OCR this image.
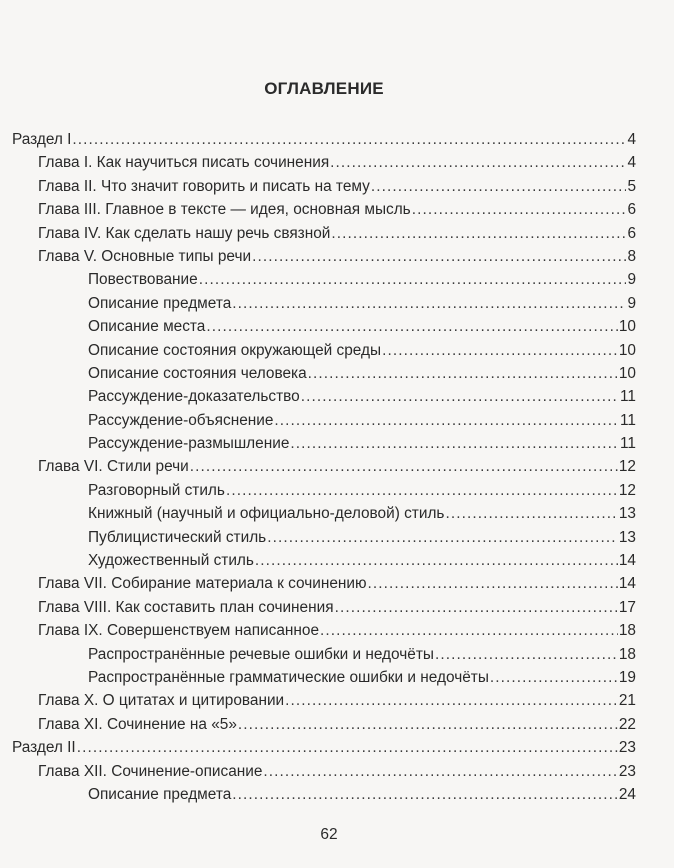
ОГЛАВЛЕНИЕ
Раздел I .....	4
Глава I. Как научиться писать сочинения .....	4
Глава II. Что значит говорить и писать на тему .....	5
Глава III. Главное в тексте — идея, основная мысль .....	6
Глава IV. Как сделать нашу речь связной .....	6
Глава V. Основные типы речи .....	8
Повествование .....	9
Описание предмета .....	9
Описание места .....	10
Описание состояния окружающей среды .....	10
Описание состояния человека .....	10
Рассуждение-доказательство .....	11
Рассуждение-объяснение .....	11
Рассуждение-размышление .....	11
Глава VI. Стили речи .....	12
Разговорный стиль .....	12
Книжный (научный и официально-деловой) стиль .....	13
Публицистический стиль .....	13
Художественный стиль .....	14
Глава VII. Собирание материала к сочинению .....	14
Глава VIII. Как составить план сочинения .....	17
Глава IX. Совершенствуем написанное .....	18
Распространённые речевые ошибки и недочёты .....	18
Распространённые грамматические ошибки и недочёты .....	19
Глава X. О цитатах и цитировании .....	21
Глава XI. Сочинение на «5» .....	22
Раздел II .....	23
Глава XII. Сочинение-описание .....	23
Описание предмета .....	24
62
